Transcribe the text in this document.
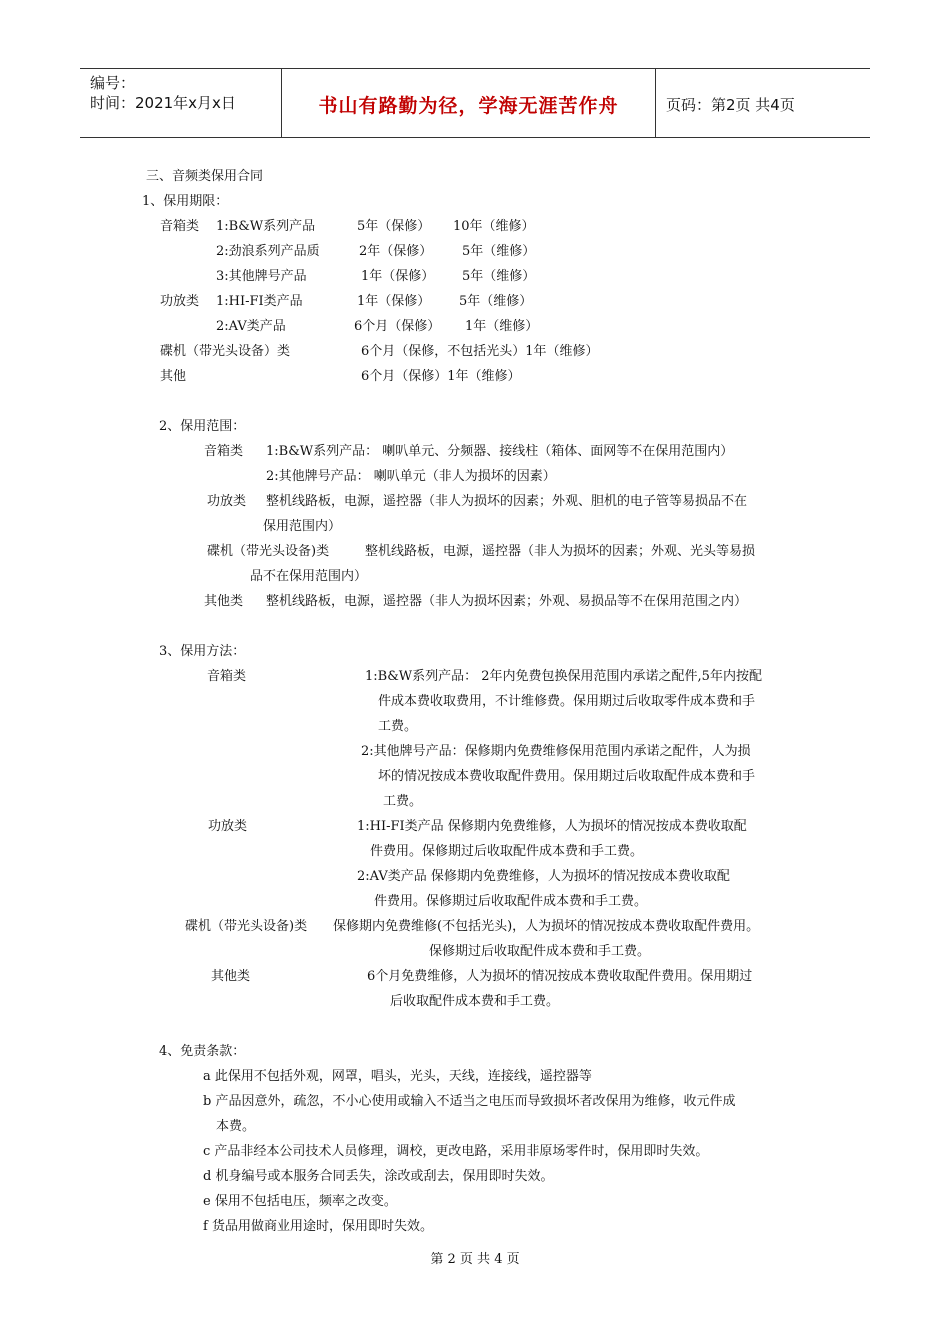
编号：
时间：2021年x月x日	书山有路勤为径，学海无涯苦作舟	页码：第2页 共4页
三、音频类保用合同
1、保用期限：
音箱类 1:B&W系列产品	5年（保修） 10年（维修）
2:劲浪系列产品质	2年（保修） 5年（维修）
3:其他牌号产品	1年（保修） 5年（维修）
功放类 1:HI-FI类产品	1年（保修） 5年（维修）
2:AV类产品	6个月（保修） 1年（维修）
碟机（带光头设备）类	6个月（保修，不包括光头）1年（维修）
其他	6个月（保修）1年（维修）
2、保用范围：
音箱类 1:B&W系列产品： 喇叭单元、分频器、接线柱（箱体、面网等不在保用范围内）
2:其他牌号产品： 喇叭单元（非人为损坏的因素）
功放类 整机线路板，电源，遥控器（非人为损坏的因素；外观、胆机的电子管等易损品不在
保用范围内）
碟机（带光头设备)类	整机线路板，电源，遥控器（非人为损坏的因素；外观、光头等易损
品不在保用范围内）
其他类 整机线路板，电源，遥控器（非人为损坏因素；外观、易损品等不在保用范围之内）
3、保用方法：
音箱类	1:B&W系列产品： 2年内免费包换保用范围内承诺之配件,5年内按配
件成本费收取费用，不计维修费。保用期过后收取零件成本费和手
工费。
2:其他牌号产品：保修期内免费维修保用范围内承诺之配件，人为损
坏的情况按成本费收取配件费用。保用期过后收取配件成本费和手
工费。
功放类	1:HI-FI类产品 保修期内免费维修，人为损坏的情况按成本费收取配
件费用。保修期过后收取配件成本费和手工费。
2:AV类产品 保修期内免费维修，人为损坏的情况按成本费收取配
件费用。保修期过后收取配件成本费和手工费。
碟机（带光头设备)类 保修期内免费维修(不包括光头)，人为损坏的情况按成本费收取配件费用。
保修期过后收取配件成本费和手工费。
其他类	6个月免费维修，人为损坏的情况按成本费收取配件费用。保用期过
后收取配件成本费和手工费。
4、免责条款：
a 此保用不包括外观，网罩，唱头，光头，天线，连接线，遥控器等
b 产品因意外，疏忽，不小心使用或输入不适当之电压而导致损坏者改保用为维修，收元件成
本费。
c 产品非经本公司技术人员修理，调校，更改电路，采用非原场零件时，保用即时失效。
d 机身编号或本服务合同丢失，涂改或刮去，保用即时失效。
e 保用不包括电压，频率之改变。
f 货品用做商业用途时，保用即时失效。
第 2 页 共 4 页
